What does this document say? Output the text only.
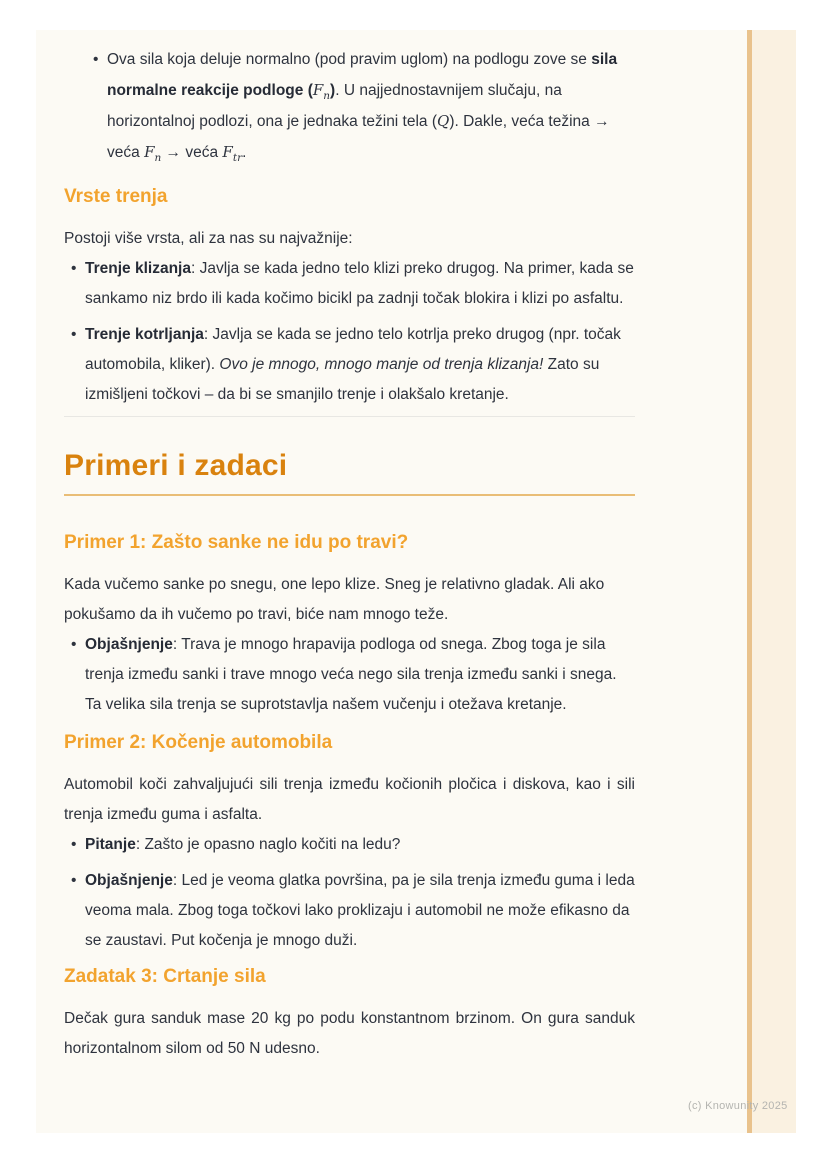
• Ova sila koja deluje normalno (pod pravim uglom) na podlogu zove se sila normalne reakcije podloge $(F_n)$. U najjednostavnijem slučaju, na horizontalnoj podlozi, ona je jednaka težini tela (Q). Dakle, veća težina → veća $F_n$ → veća $F_{tr}$.
Vrste trenja

Postoji više vrsta, ali za nas su najvažnije:

• Trenje klizanja: Javlja se kada jedno telo klizi preko drugog. Na primer, kada se sankamo niz brdo ili kada kočimo bicikl pa zadnji točak blokira i klizi po asfaltu.
• Trenje kotrljanja: Javlja se kada se jedno telo kotrlja preko drugog (npr. točak automobila, kliker). Ovo je mnogo, mnogo manje od trenja klizanja! Zato su izmišljeni točkovi – da bi se smanjilo trenje i olakšalo kretanje.
Primeri i zadaci
Primer 1: Zašto sanke ne idu po travi?

Kada vučemo sanke po snegu, one lepo klize. Sneg je relativno gladak. Ali ako pokušamo da ih vučemo po travi, biće nam mnogo teže.

• Objašnjenje: Trava je mnogo hrapavija podloga od snega. Zbog toga je sila trenja između sanki i trave mnogo veća nego sila trenja između sanki i snega. Ta velika sila trenja se suprotstavlja našem vučenju i otežava kretanje.
Primer 2: Kočenje automobila

Automobil koči zahvaljujući sili trenja između kočionih pločica i diskova, kao i sili trenja između guma i asfalta.

• Pitanje: Zašto je opasno naglo kočiti na ledu?
• Objašnjenje: Led je veoma glatka površina, pa je sila trenja između guma i leda veoma mala. Zbog toga točkovi lako proklizaju i automobil ne može efikasno da se zaustavi. Put kočenja je mnogo duži.
Zadatak 3: Crtanje sila

Dečak gura sanduk mase 20 kg po podu konstantnom brzinom. On gura sanduk horizontalnom silom od 50 N udesno.

(c) Knowunity 2025
